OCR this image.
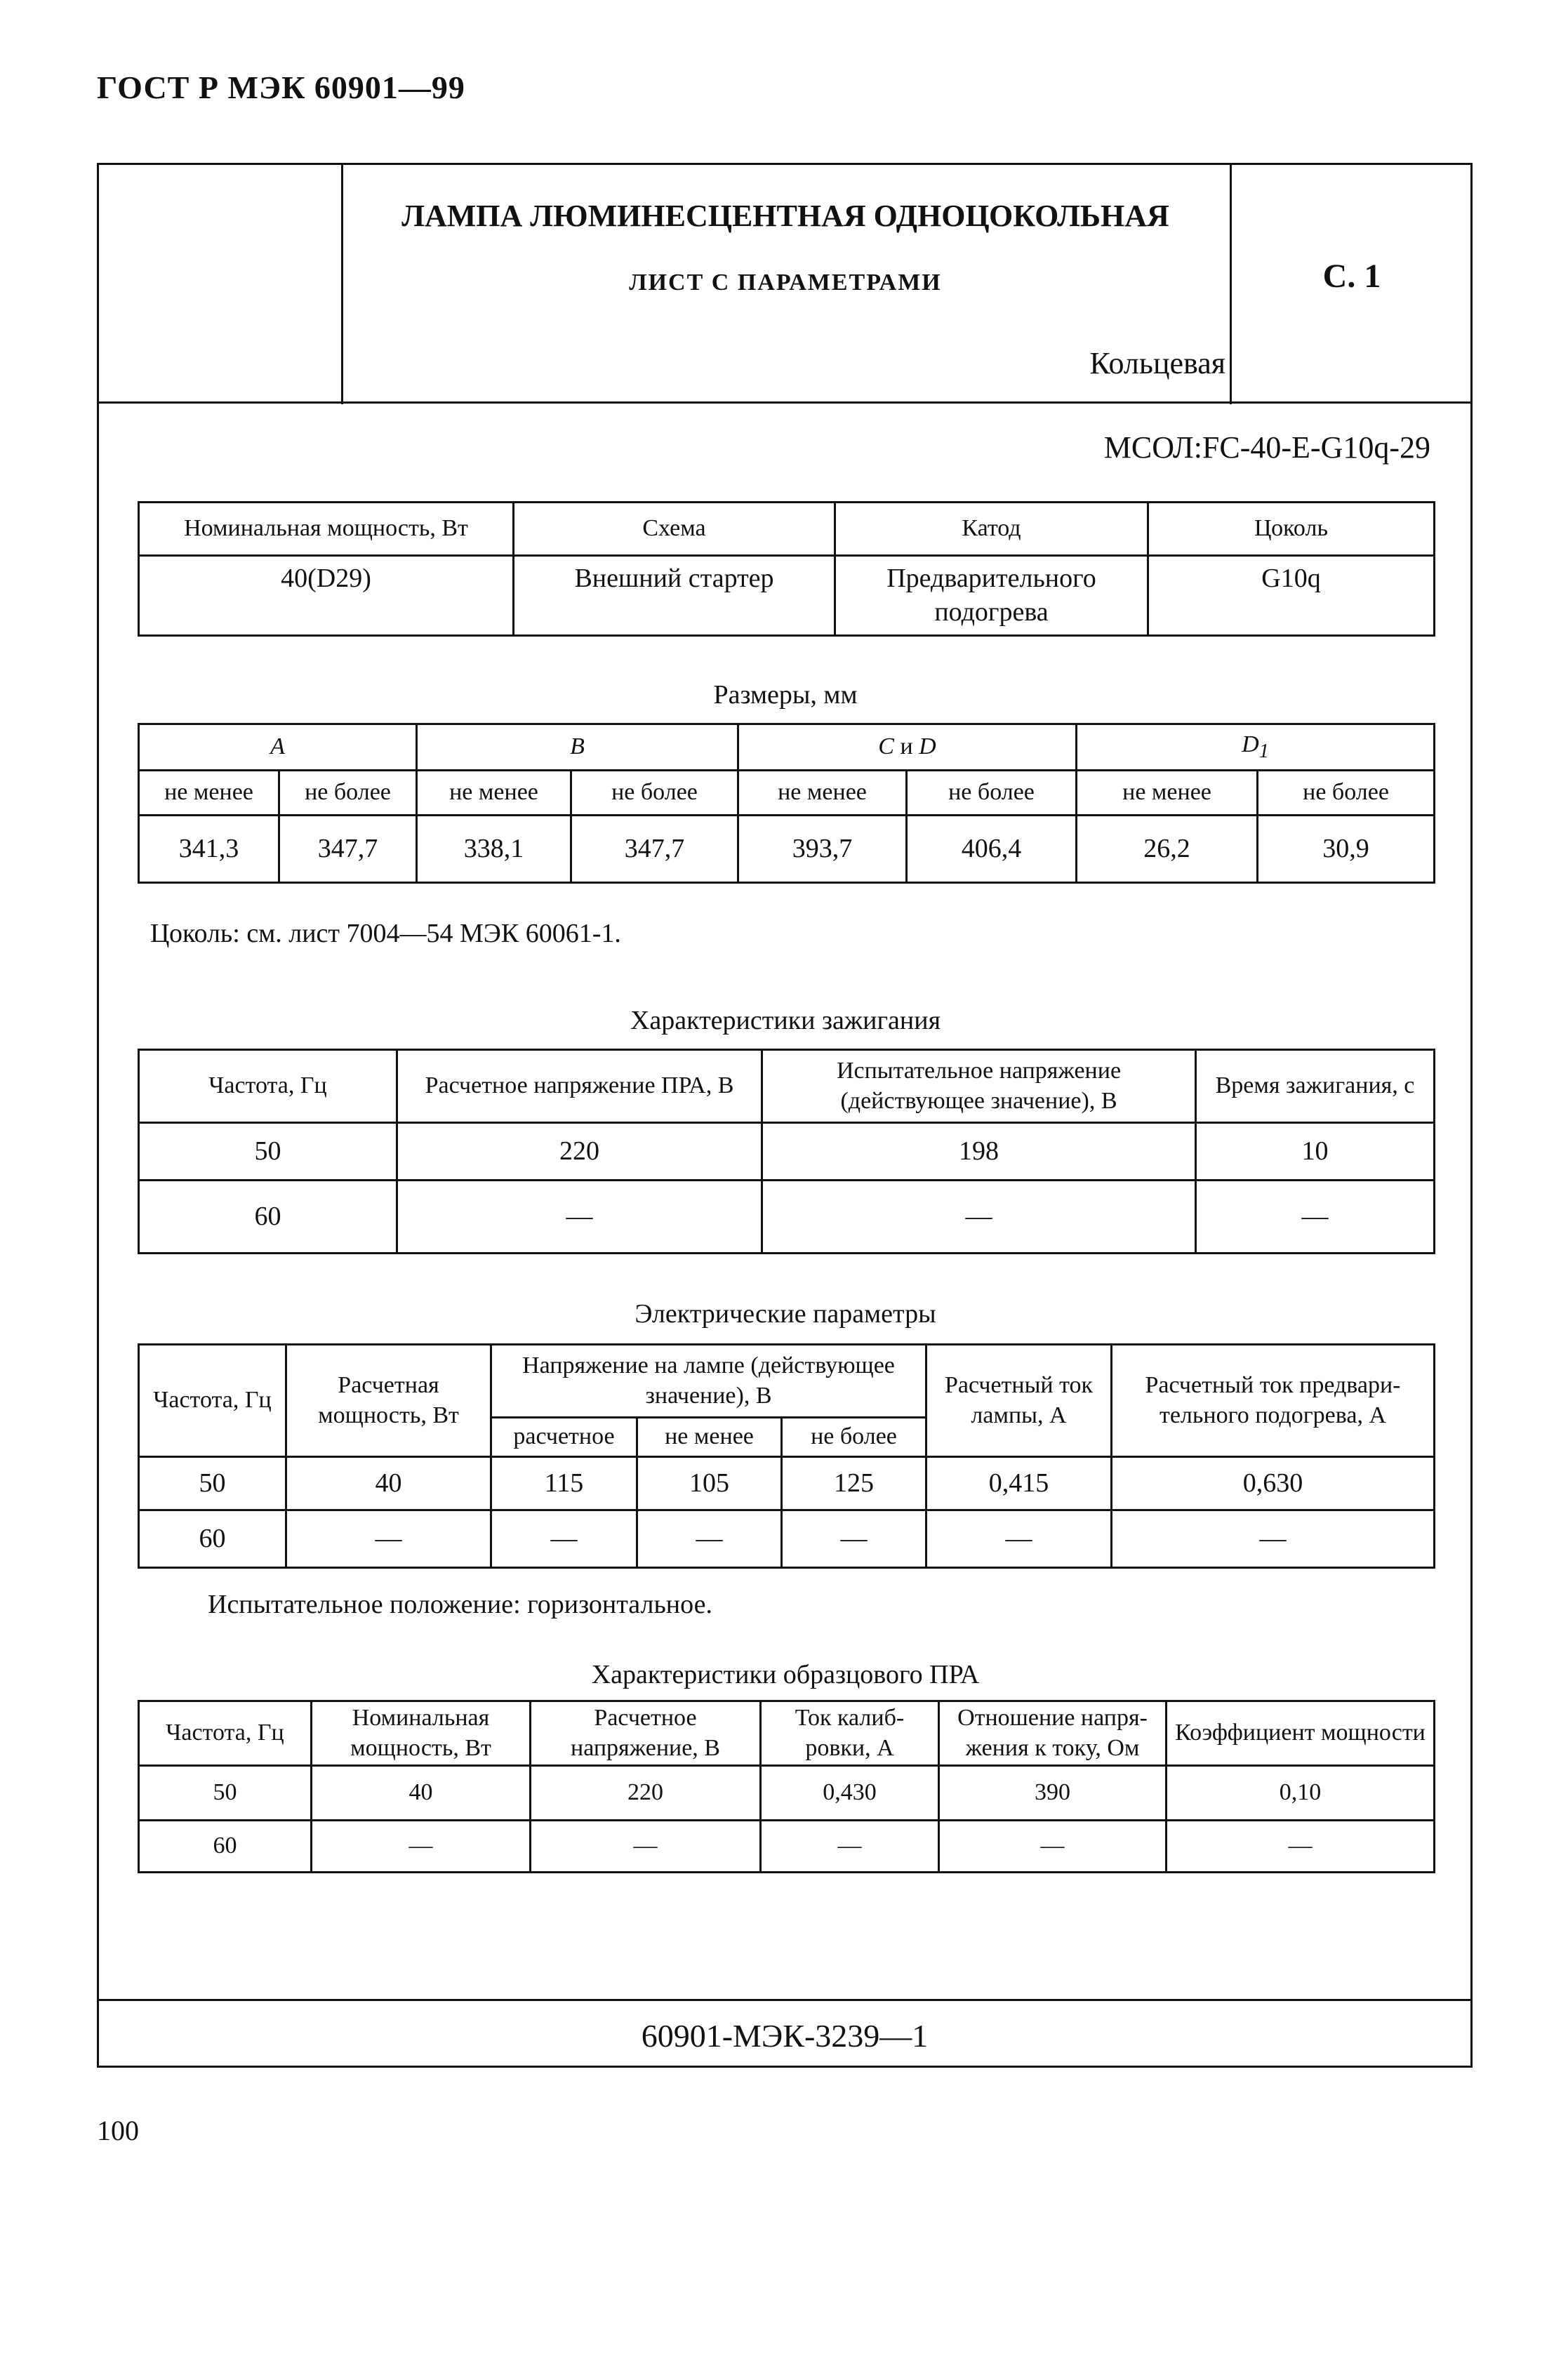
ГОСТ Р МЭК 60901—99
ЛАМПА ЛЮМИНЕСЦЕНТНАЯ ОДНОЦОКОЛЬНАЯ
ЛИСТ С ПАРАМЕТРАМИ
Кольцевая
С. 1
МСОЛ:FC-40-E-G10q-29
Номинальная мощность, Вт	Схема	Катод	Цоколь
40(D29)	Внешний стартер	Предварительного подогрева	G10q
Размеры, мм
A		B		C и D		$D_1$
не менее	не более	не менее	не более	не менее	не более	не менее	не более
341,3	347,7	338,1	347,7	393,7	406,4	26,2	30,9
Цоколь: см. лист 7004—54 МЭК 60061-1.
Характеристики зажигания
Частота, Гц	Расчетное напряжение ПРА, В	Испытательное напряжение (действующее значение), В	Время зажигания, с
50	220	198	10
60	—	—	—
Электрические параметры
Частота, Гц	Расчетная мощность, Вт	Напряжение на лампе (действующее значение), В			Расчетный ток лампы, А	Расчетный ток предвари-тельного подогрева, А
		расчетное	не менее	не более		
50	40	115	105	125	0,415	0,630
60	—	—	—	—	—	—
Испытательное положение: горизонтальное.
Характеристики образцового ПРА
Частота, Гц	Номинальная мощность, Вт	Расчетное напряжение, В	Ток калиб-ровки, А	Отношение напря-жения к току, Ом	Коэффициент мощности
50	40	220	0,430	390	0,10
60	—	—	—	—	—
60901-МЭК-3239—1
100
